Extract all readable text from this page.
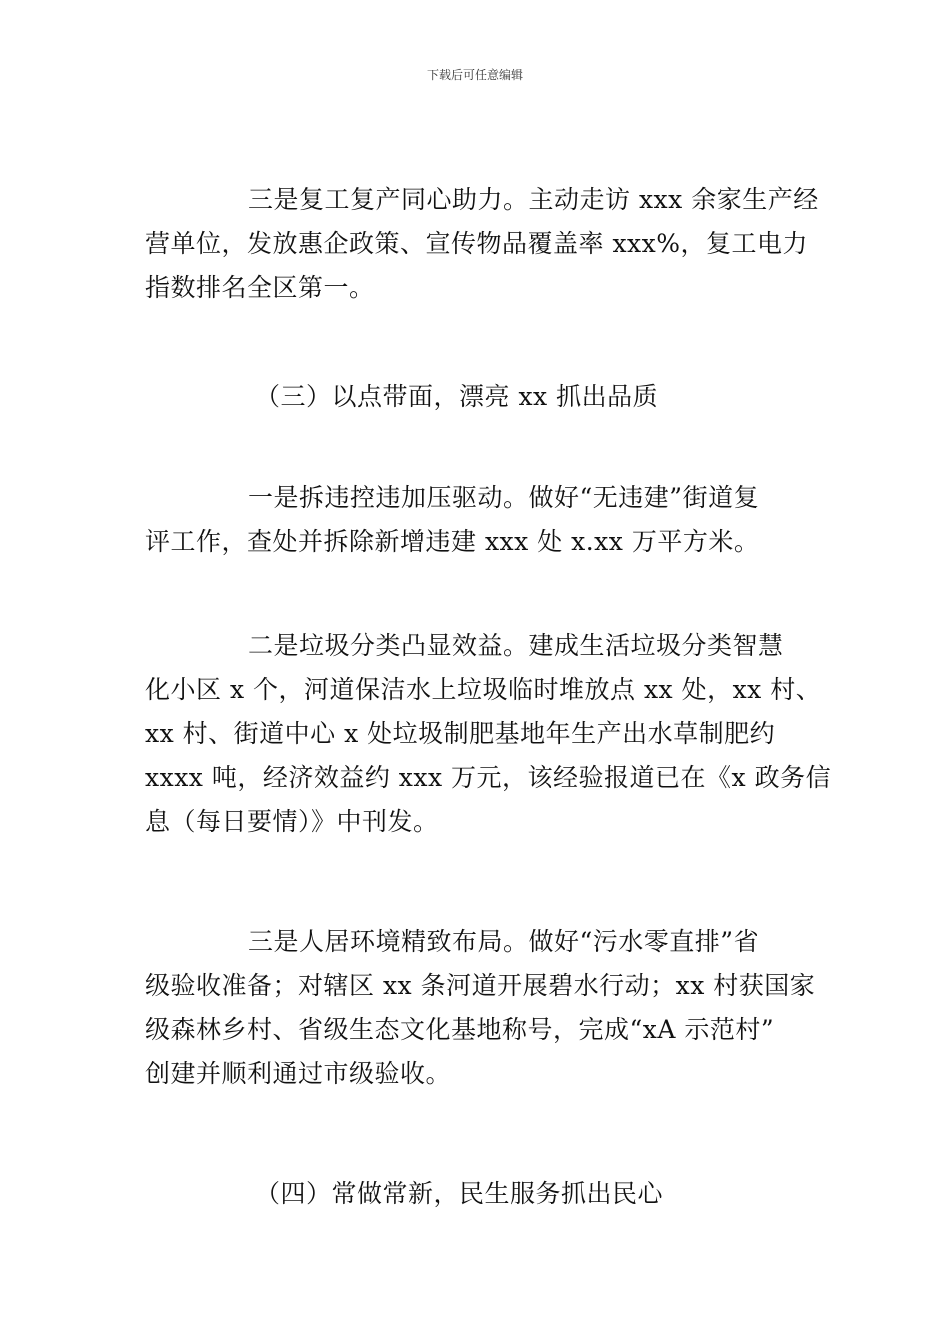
下载后可任意编辑

三是复工复产同心助力。主动走访 xxx 余家生产经
营单位，发放惠企政策、宣传物品覆盖率 xxx%，复工电力
指数排名全区第一。

（三）以点带面，漂亮 xx 抓出品质

一是拆违控违加压驱动。做好“无违建”街道复
评工作，查处并拆除新增违建 xxx 处 x.xx 万平方米。

二是垃圾分类凸显效益。建成生活垃圾分类智慧
化小区 x 个，河道保洁水上垃圾临时堆放点 xx 处，xx 村、
xx 村、街道中心 x 处垃圾制肥基地年生产出水草制肥约
xxxx 吨，经济效益约 xxx 万元，该经验报道已在《x 政务信
息（每日要情）》中刊发。

三是人居环境精致布局。做好“污水零直排”省
级验收准备；对辖区 xx 条河道开展碧水行动；xx 村获国家
级森林乡村、省级生态文化基地称号，完成“xA 示范村”
创建并顺利通过市级验收。

（四）常做常新，民生服务抓出民心
